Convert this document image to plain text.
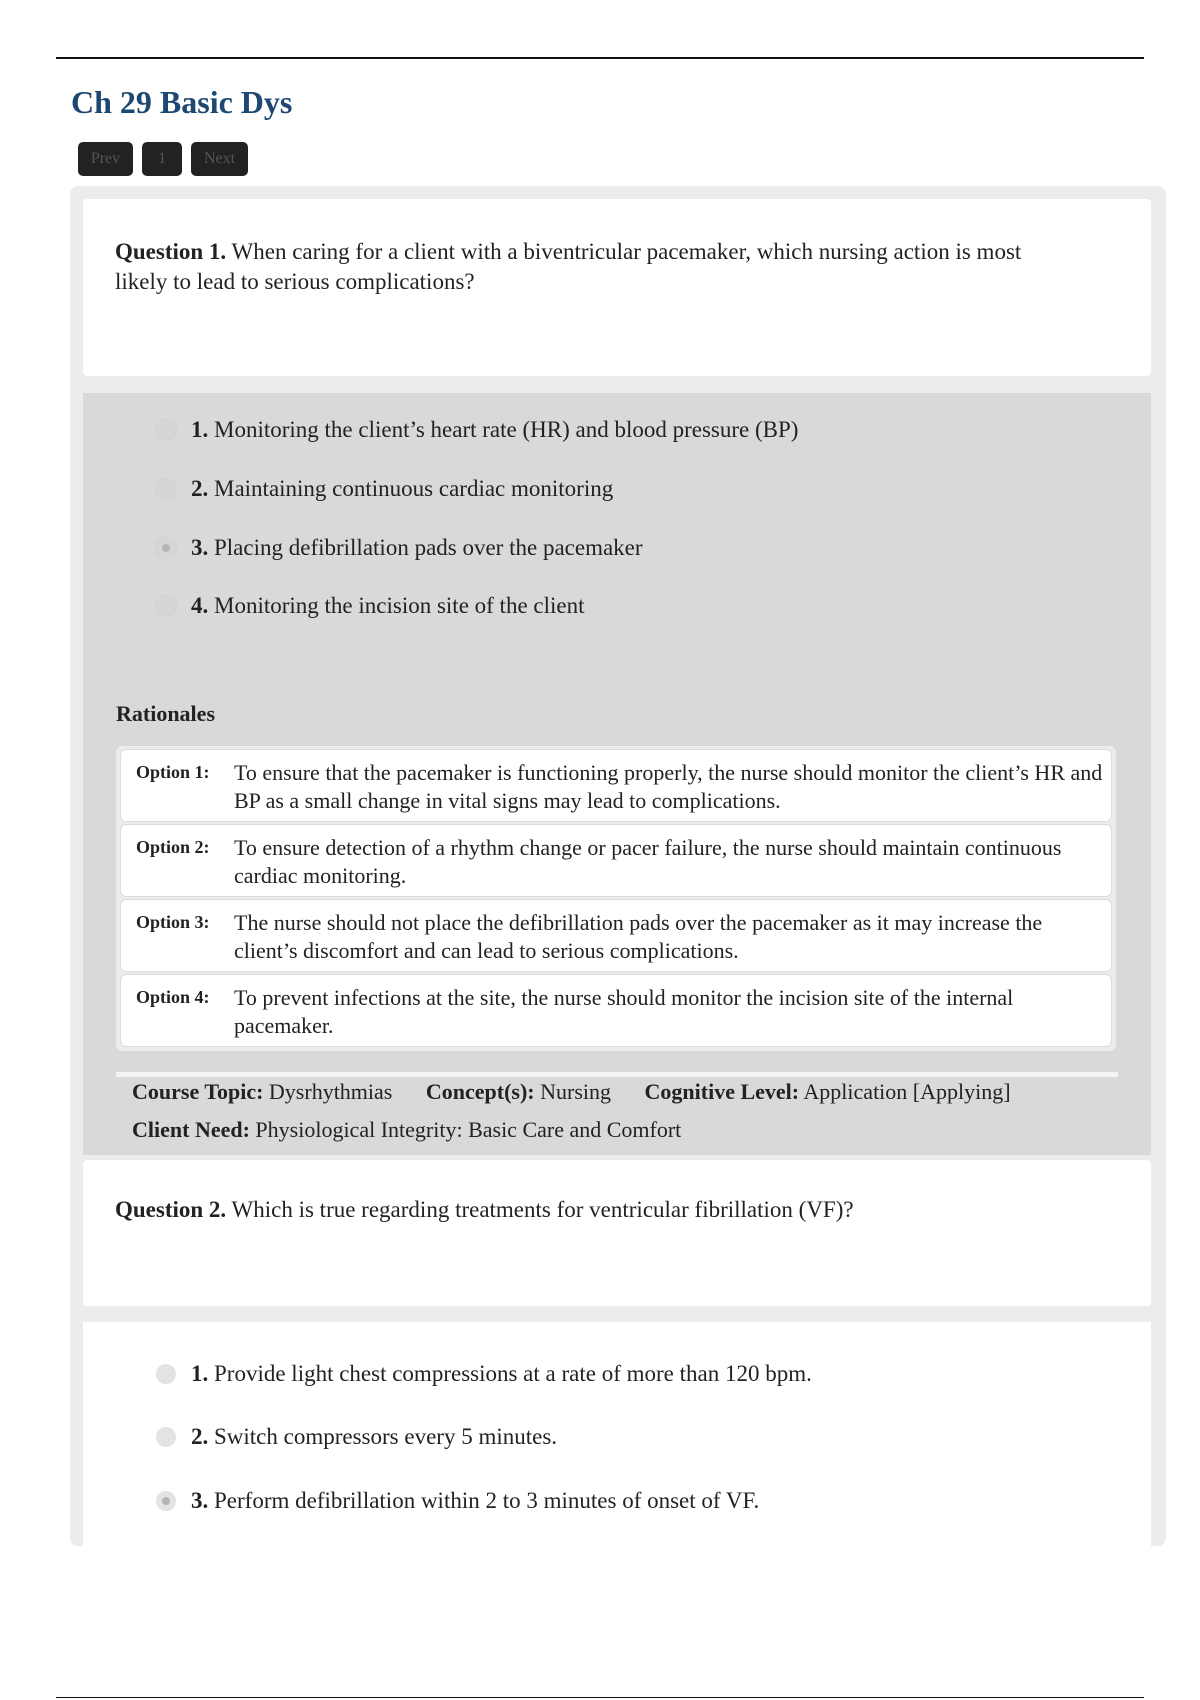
Ch 29 Basic Dys
Prev	1	Next

Question 1. When caring for a client with a biventricular pacemaker, which nursing action is most likely to lead to serious complications?

1. Monitoring the client’s heart rate (HR) and blood pressure (BP)
2. Maintaining continuous cardiac monitoring
3. Placing defibrillation pads over the pacemaker
4. Monitoring the incision site of the client
Rationales
Option 1: To ensure that the pacemaker is functioning properly, the nurse should monitor the client’s HR and BP as a small change in vital signs may lead to complications.
Option 2: To ensure detection of a rhythm change or pacer failure, the nurse should maintain continuous cardiac monitoring.
Option 3: The nurse should not place the defibrillation pads over the pacemaker as it may increase the client’s discomfort and can lead to serious complications.
Option 4: To prevent infections at the site, the nurse should monitor the incision site of the internal pacemaker.
Course Topic: Dysrhythmias Concept(s): Nursing Cognitive Level: Application [Applying]
Client Need: Physiological Integrity: Basic Care and Comfort

Question 2. Which is true regarding treatments for ventricular fibrillation (VF)?

1. Provide light chest compressions at a rate of more than 120 bpm.
2. Switch compressors every 5 minutes.
3. Perform defibrillation within 2 to 3 minutes of onset of VF.
